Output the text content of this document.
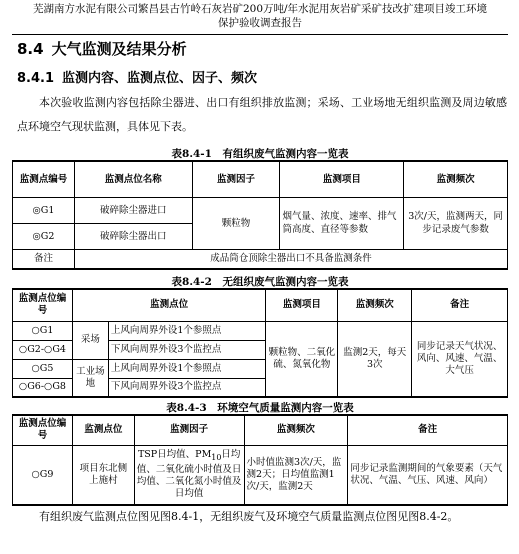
芜湖南方水泥有限公司繁昌县古竹岭石灰岩矿200万吨/年水泥用灰岩矿采矿技改扩建项目竣工环境
保护验收调查报告
8.4 大气监测及结果分析
8.4.1 监测内容、监测点位、因子、频次

本次验收监测内容包括除尘器进、出口有组织排放监测；采场、工业场地无组织监测及周边敏感点环境空气现状监测，具体见下表。

表8.4-1　有组织废气监测内容一览表
监测点编号	监测点位名称	监测因子	监测项目	监测频次
◎G1	破碎除尘器进口	颗粒物	烟气量、浓度、速率、排气筒高度、直径等参数	3次/天，监测两天，同步记录废气参数
◎G2	破碎除尘器出口			
备注	成品筒仓顶除尘器出口不具备监测条件			
表8.4-2　无组织废气监测内容一览表
监测点位编号	监测点位		监测项目	监测频次	备注
○G1	采场	上风向周界外设1个参照点	颗粒物、二氧化硫、氮氧化物	监测2天，每天3次	同步记录天气状况、风向、风速、气温、大气压
○G2-○G4		下风向周界外设3个监控点			
○G5	工业场地	上风向周界外设1个参照点			
○G6-○G8		下风向周界外设3个监控点			
表8.4-3　环境空气质量监测内容一览表
监测点位编号	监测点位	监测因子	监测频次	备注
○G9	项目东北侧上施村	TSP日均值、$PM_{10}$日均值、二氧化硫小时值及日均值、二氧化氮小时值及日均值	小时值监测3次/天，监测2天；日均值监测1次/天，监测2天	同步记录监测期间的气象要素（天气状况、气温、气压、风速、风向）

有组织废气监测点位图见图8.4-1，无组织废气及环境空气质量监测点位图见图8.4-2。
